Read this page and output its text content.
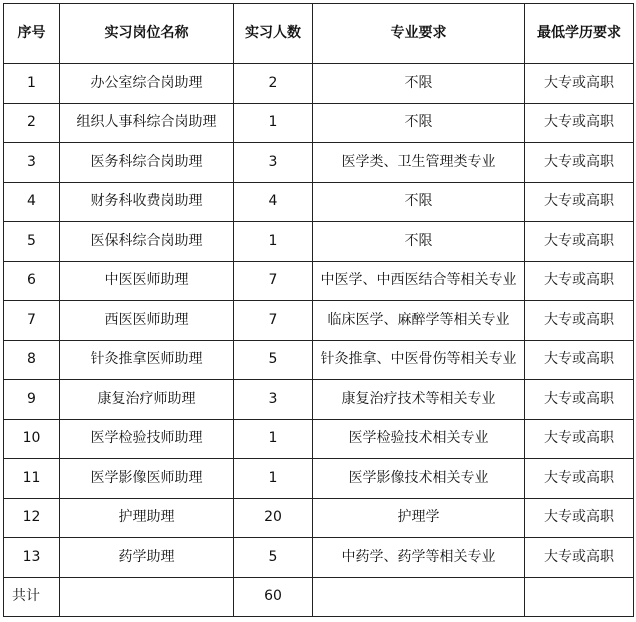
序号	实习岗位名称	实习人数	专业要求	最低学历要求
1	办公室综合岗助理	2	不限	大专或高职
2	组织人事科综合岗助理	1	不限	大专或高职
3	医务科综合岗助理	3	医学类、卫生管理类专业	大专或高职
4	财务科收费岗助理	4	不限	大专或高职
5	医保科综合岗助理	1	不限	大专或高职
6	中医医师助理	7	中医学、中西医结合等相关专业	大专或高职
7	西医医师助理	7	临床医学、麻醉学等相关专业	大专或高职
8	针灸推拿医师助理	5	针灸推拿、中医骨伤等相关专业	大专或高职
9	康复治疗师助理	3	康复治疗技术等相关专业	大专或高职
10	医学检验技师助理	1	医学检验技术相关专业	大专或高职
11	医学影像医师助理	1	医学影像技术相关专业	大专或高职
12	护理助理	20	护理学	大专或高职
13	药学助理	5	中药学、药学等相关专业	大专或高职
共计		60		
